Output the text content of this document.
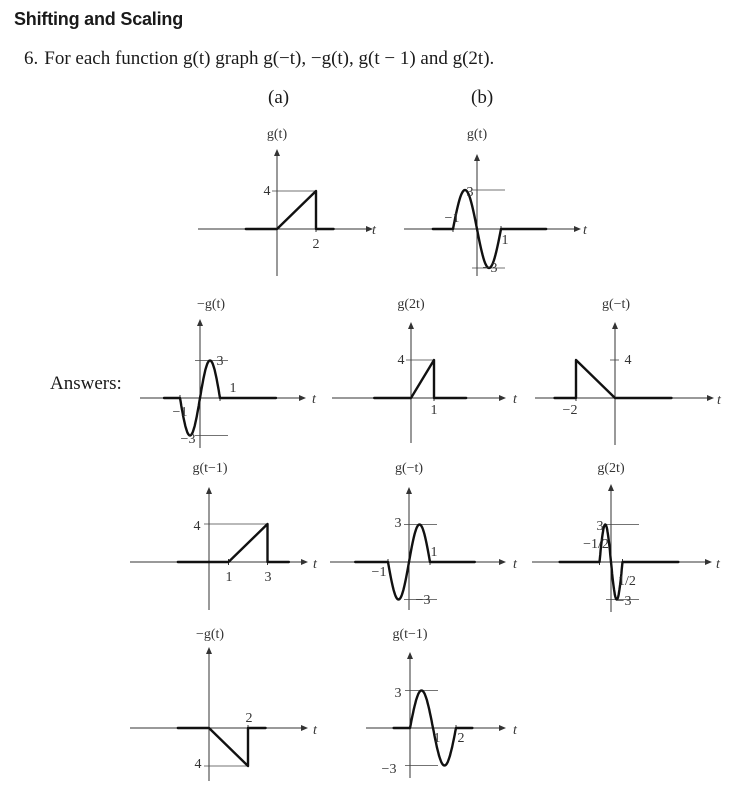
Shifting and Scaling
6. For each function g(t) graph g(−t), −g(t), g(t − 1) and g(2t).
(a)	(b)
Answers:
2
4
g(t)
t
−1
1
3
−3
g(t)
t
−1
1
3
−3
−g(t)
t
1
4
g(2t)
t
−2
4
g(−t)
t
1 3
4
g(t−1)
t
−1
1
3
−3
g(−t)
t
−1/2
1/2
3
−3
g(2t)
t
2
4
−g(t)
t
1 2
3
−3
g(t−1)
t
